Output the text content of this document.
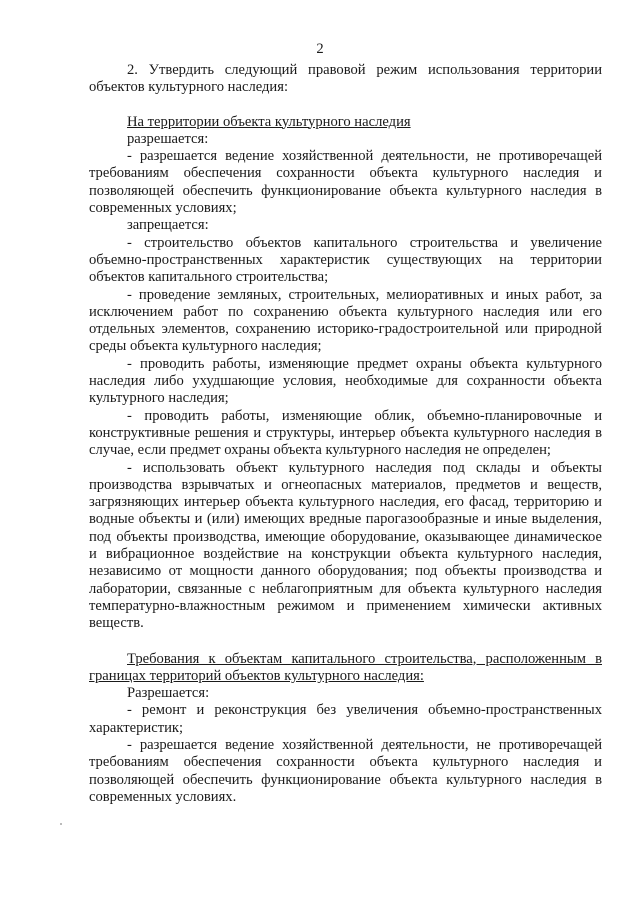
2

2. Утвердить следующий правовой режим использования территории объектов культурного наследия:

На территории объекта культурного наследия

разрешается:

- разрешается ведение хозяйственной деятельности, не противоречащей требованиям обеспечения сохранности объекта культурного наследия и позволяющей обеспечить функционирование объекта культурного наследия в современных условиях;

запрещается:

- строительство объектов капитального строительства и увеличение объемно-пространственных характеристик существующих на территории объектов капитального строительства;

- проведение земляных, строительных, мелиоративных и иных работ, за исключением работ по сохранению объекта культурного наследия или его отдельных элементов, сохранению историко-градостроительной или природной среды объекта культурного наследия;

- проводить работы, изменяющие предмет охраны объекта культурного наследия либо ухудшающие условия, необходимые для сохранности объекта культурного наследия;

- проводить работы, изменяющие облик, объемно-планировочные и конструктивные решения и структуры, интерьер объекта культурного наследия в случае, если предмет охраны объекта культурного наследия не определен;

- использовать объект культурного наследия под склады и объекты производства взрывчатых и огнеопасных материалов, предметов и веществ, загрязняющих интерьер объекта культурного наследия, его фасад, территорию и водные объекты и (или) имеющих вредные парогазообразные и иные выделения, под объекты производства, имеющие оборудование, оказывающее динамическое и вибрационное воздействие на конструкции объекта культурного наследия, независимо от мощности данного оборудования; под объекты производства и лаборатории, связанные с неблагоприятным для объекта культурного наследия температурно-влажностным режимом и применением химически активных веществ.

Требования к объектам капитального строительства, расположенным в границах территорий объектов культурного наследия:

Разрешается:

- ремонт и реконструкция без увеличения объемно-пространственных характеристик;

- разрешается ведение хозяйственной деятельности, не противоречащей требованиям обеспечения сохранности объекта культурного наследия и позволяющей обеспечить функционирование объекта культурного наследия в современных условиях.
